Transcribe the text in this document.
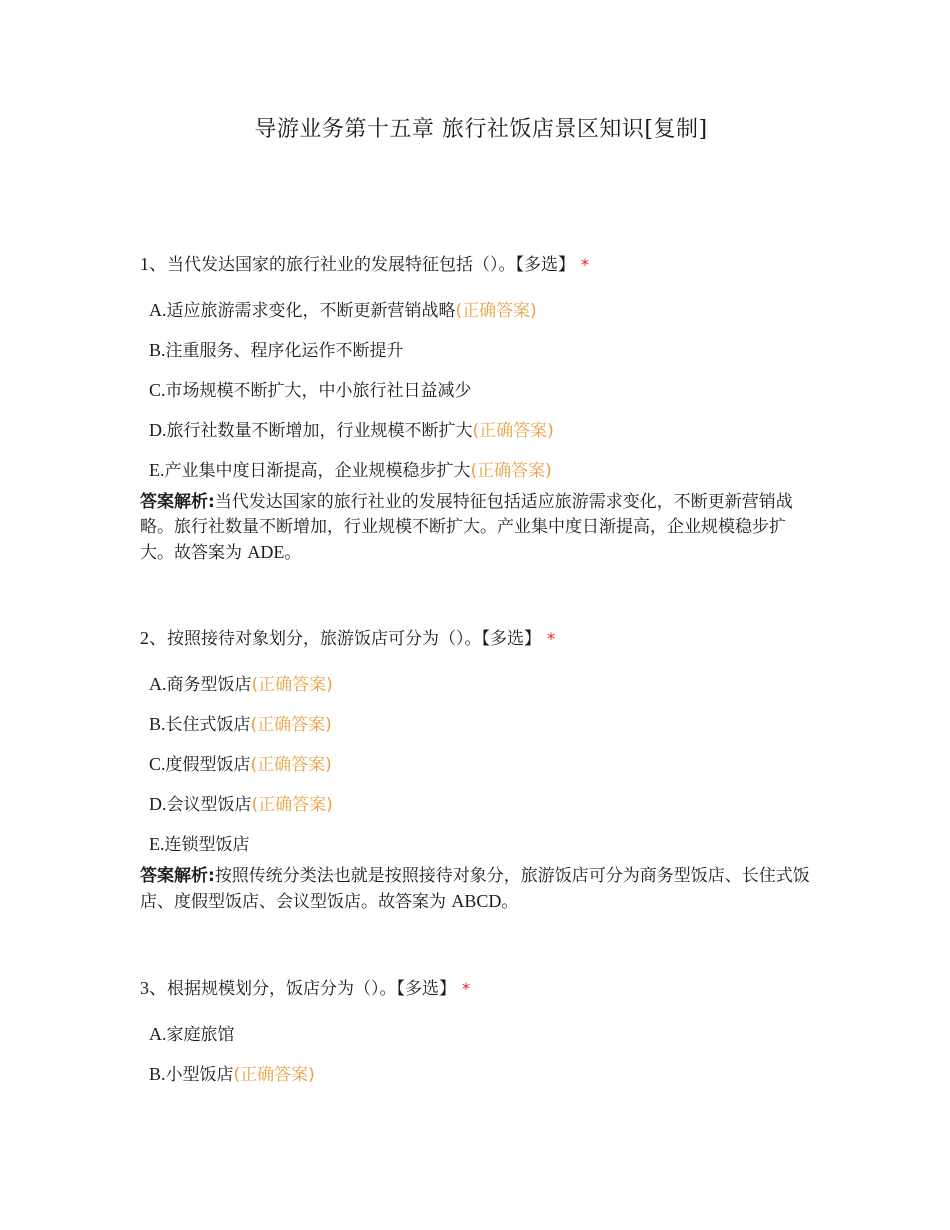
导游业务第十五章 旅行社饭店景区知识[复制]
1、当代发达国家的旅行社业的发展特征包括（）。【多选】 *
A.适应旅游需求变化，不断更新营销战略(正确答案)
B.注重服务、程序化运作不断提升
C.市场规模不断扩大，中小旅行社日益减少
D.旅行社数量不断增加，行业规模不断扩大(正确答案)
E.产业集中度日渐提高，企业规模稳步扩大(正确答案)
答案解析:当代发达国家的旅行社业的发展特征包括适应旅游需求变化，不断更新营销战略。旅行社数量不断增加，行业规模不断扩大。产业集中度日渐提高，企业规模稳步扩大。故答案为 ADE。
2、按照接待对象划分，旅游饭店可分为（）。【多选】 *
A.商务型饭店(正确答案)
B.长住式饭店(正确答案)
C.度假型饭店(正确答案)
D.会议型饭店(正确答案)
E.连锁型饭店
答案解析:按照传统分类法也就是按照接待对象分，旅游饭店可分为商务型饭店、长住式饭店、度假型饭店、会议型饭店。故答案为 ABCD。
3、根据规模划分，饭店分为（）。【多选】 *
A.家庭旅馆
B.小型饭店(正确答案)
